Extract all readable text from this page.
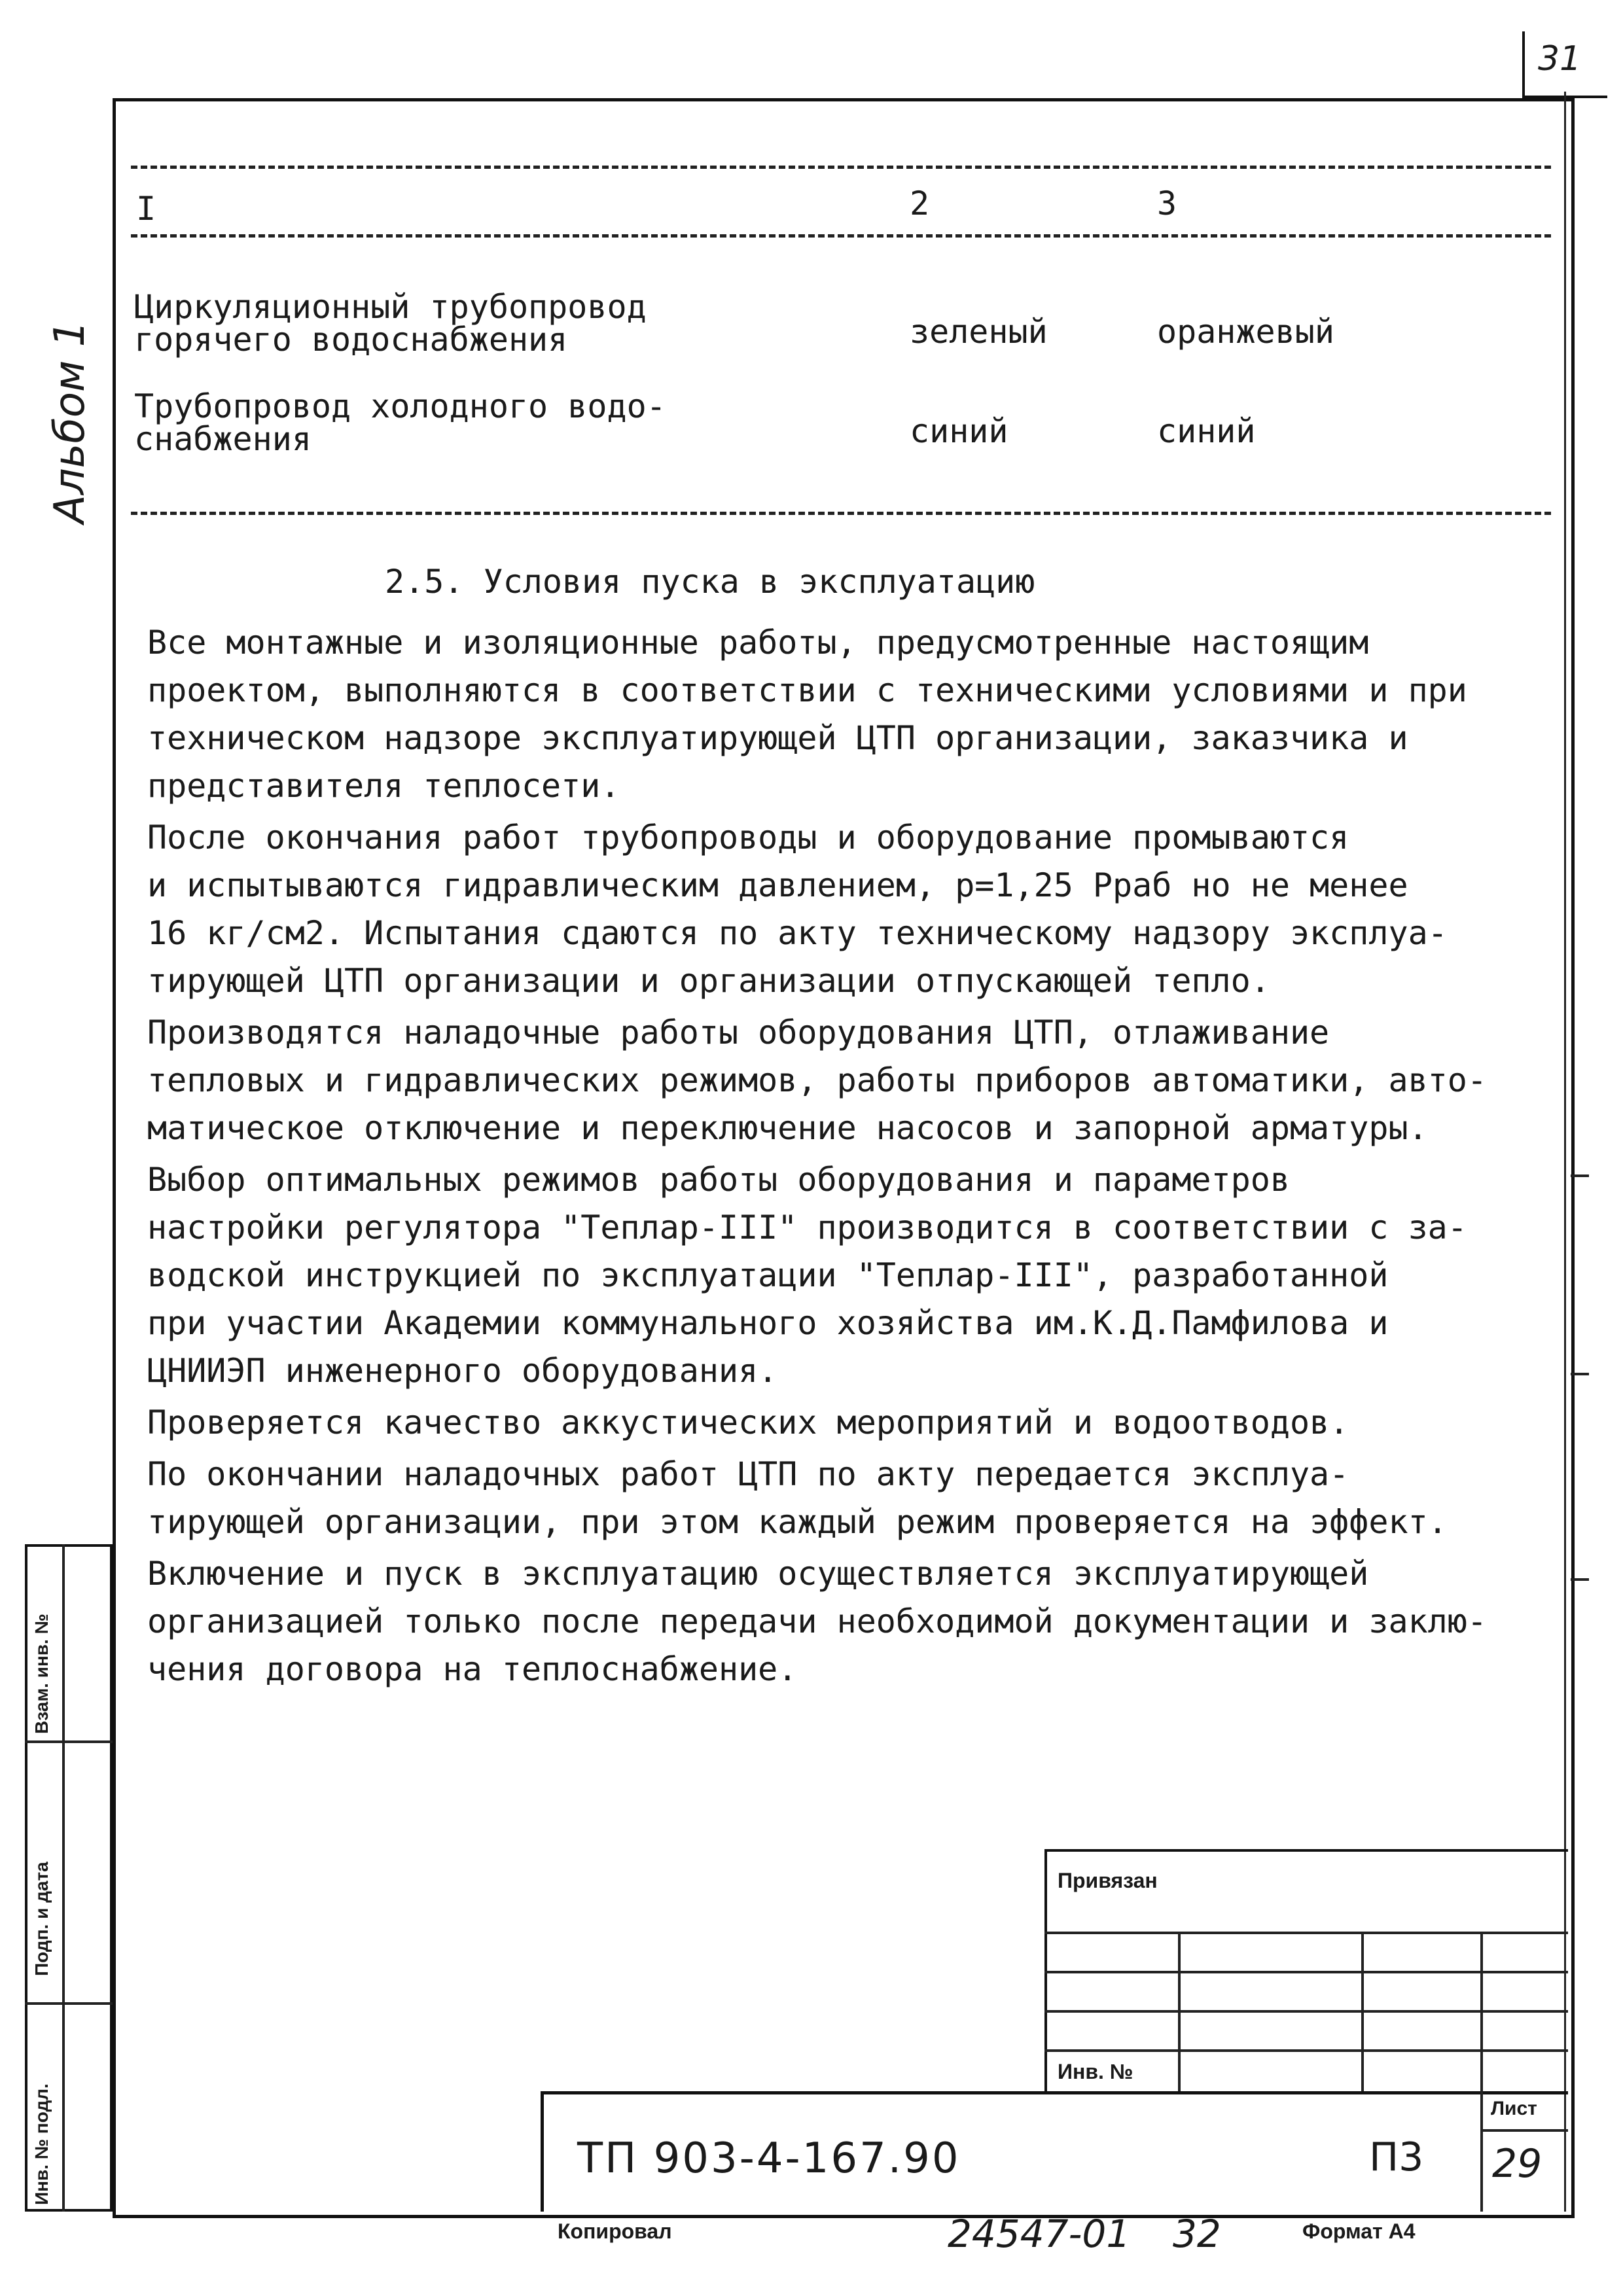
31
Альбом 1
I	2	3
Циркуляционный трубопровод
горячего водоснабжения	зеленый	оранжевый
Трубопровод холодного водо-
снабжения	синий	синий
2.5. Условия пуска в эксплуатацию
Все монтажные и изоляционные работы, предусмотренные настоящим
проектом, выполняются в соответствии с техническими условиями и при
техническом надзоре эксплуатирующей ЦТП организации, заказчика и
представителя теплосети.
После окончания работ трубопроводы и оборудование промываются
и испытываются гидравлическим давлением, р=1,25 Рраб но не менее
16 кг/см2. Испытания сдаются по акту техническому надзору эксплуа-
тирующей ЦТП организации и организации отпускающей тепло.
Производятся наладочные работы оборудования ЦТП, отлаживание
тепловых и гидравлических режимов, работы приборов автоматики, авто-
матическое отключение и переключение насосов и запорной арматуры.
Выбор оптимальных режимов работы оборудования и параметров
настройки регулятора "Теплар-III" производится в соответствии с за-
водской инструкцией по эксплуатации "Теплар-III", разработанной
при участии Академии коммунального хозяйства им.К.Д.Памфилова и
ЦНИИЭП инженерного оборудования.
Проверяется качество аккустических мероприятий и водоотводов.
По окончании наладочных работ ЦТП по акту передается эксплуа-
тирующей организации, при этом каждый режим проверяется на эффект.
Включение и пуск в эксплуатацию осуществляется эксплуатирующей
организацией только после передачи необходимой документации и заклю-
чения договора на теплоснабжение.
Взам. инв. №
Подп. и дата
Инв. № подл.
Привязан
Инв. №
ТП 903-4-167.90	П3
Лист
29
Копировал	24547-01 32	Формат А4
